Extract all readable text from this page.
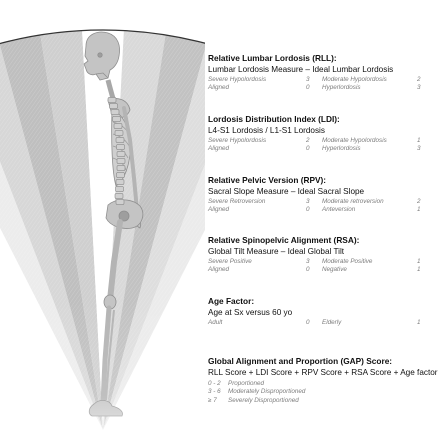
Relative Lumbar Lordosis (RLL):
Lumbar Lordosis Measure – Ideal Lumbar Lordosis
Severe Hypolordosis	3	Moderate Hypolordosis	2
Aligned	0	Hyperlordosis	3
Lordosis Distribution Index (LDI):
L4-S1 Lordosis / L1-S1 Lordosis
Severe Hypolordosis	2	Moderate Hypolordosis	1
Aligned	0	Hyperlordosis	3
Relative Pelvic Version (RPV):
Sacral Slope Measure – Ideal Sacral Slope
Severe Retroversion	3	Moderate retroversion	2
Aligned	0	Anteversion	1
Relative Spinopelvic Alignment (RSA):
Global Tilt Measure – Ideal Global Tilt
Severe Positive	3	Moderate Positive	1
Aligned	0	Negative	1
Age Factor:
Age at Sx versus 60 yo
Adult	0	Elderly	1
Global Alignment and Proportion (GAP) Score:
RLL Score + LDI Score + RPV Score + RSA Score + Age factor
0 - 2	Proportioned
3 - 6	Moderately Disproportioned
≥ 7	Severely Disproportioned
